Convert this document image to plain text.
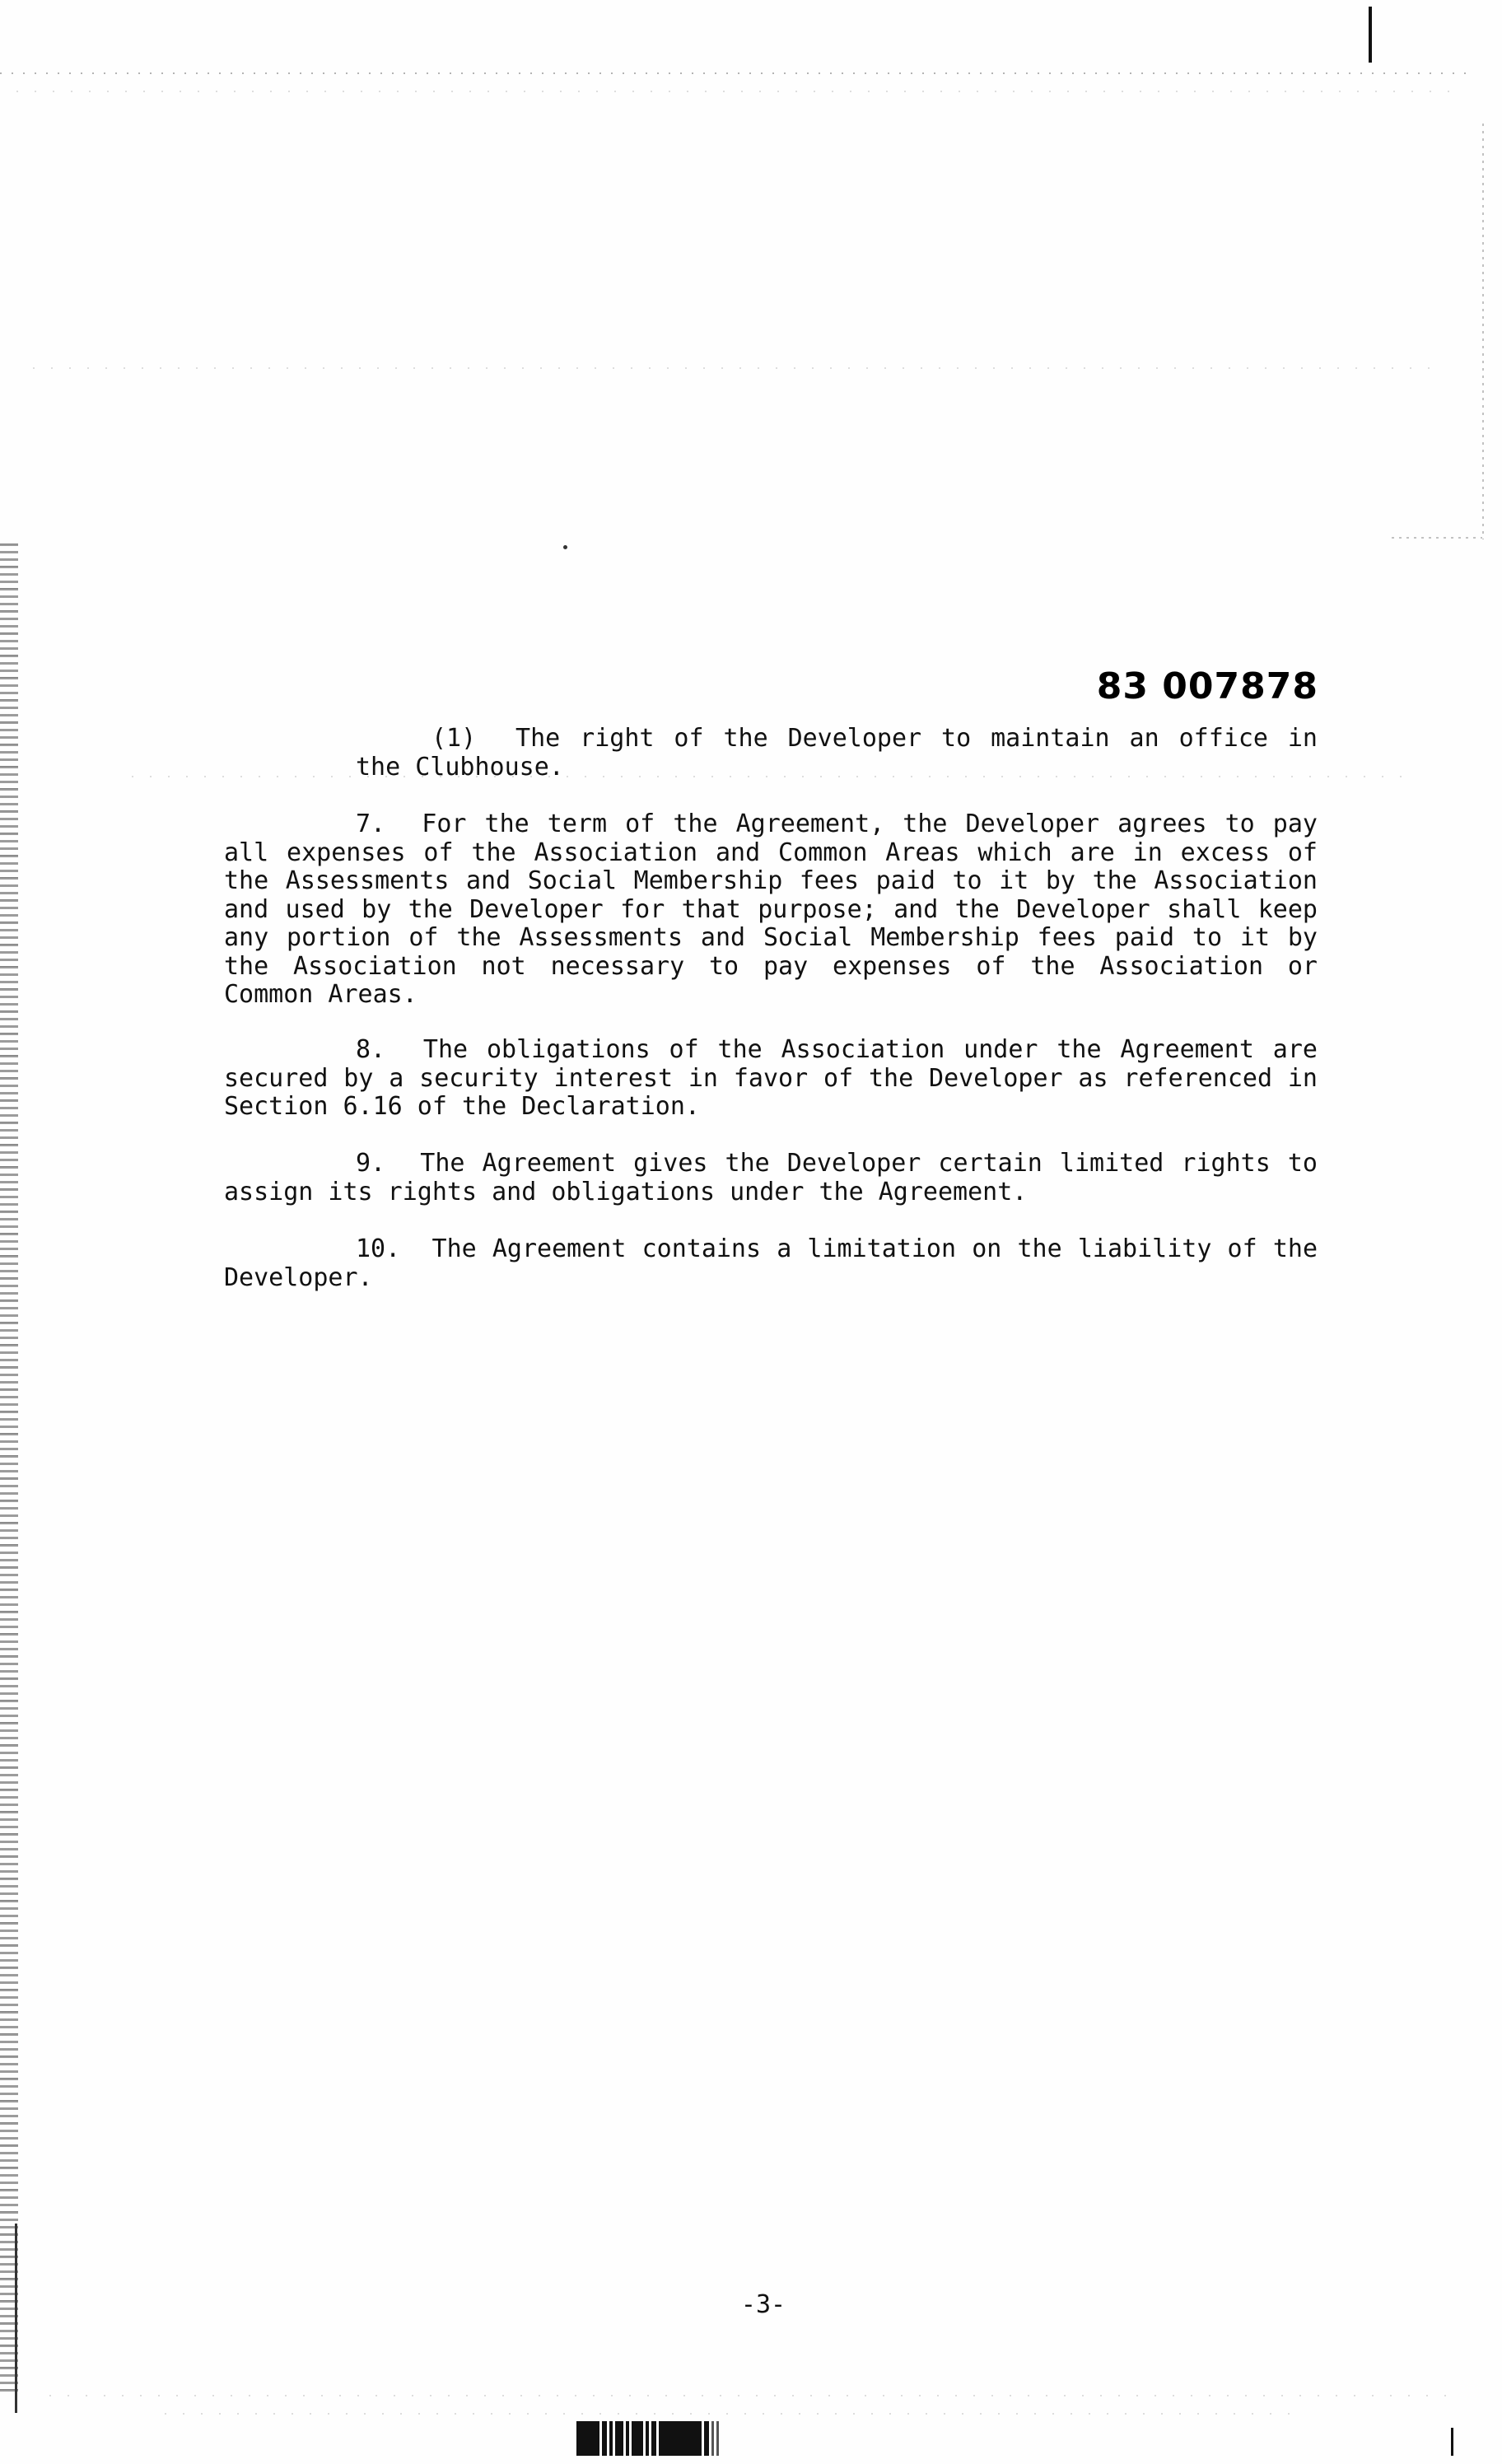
83 007878
(1) The right of the Developer to maintain an office in the Clubhouse.
7. For the term of the Agreement, the Developer agrees to pay all expenses of the Association and Common Areas which are in excess of the Assessments and Social Membership fees paid to it by the Association and used by the Developer for that purpose; and the Developer shall keep any portion of the Assessments and Social Membership fees paid to it by the Association not necessary to pay expenses of the Association or Common Areas.
8. The obligations of the Association under the Agreement are secured by a security interest in favor of the Developer as referenced in Section 6.16 of the Declaration.
9. The Agreement gives the Developer certain limited rights to assign its rights and obligations under the Agreement.
10. The Agreement contains a limitation on the liability of the Developer.
-3-
